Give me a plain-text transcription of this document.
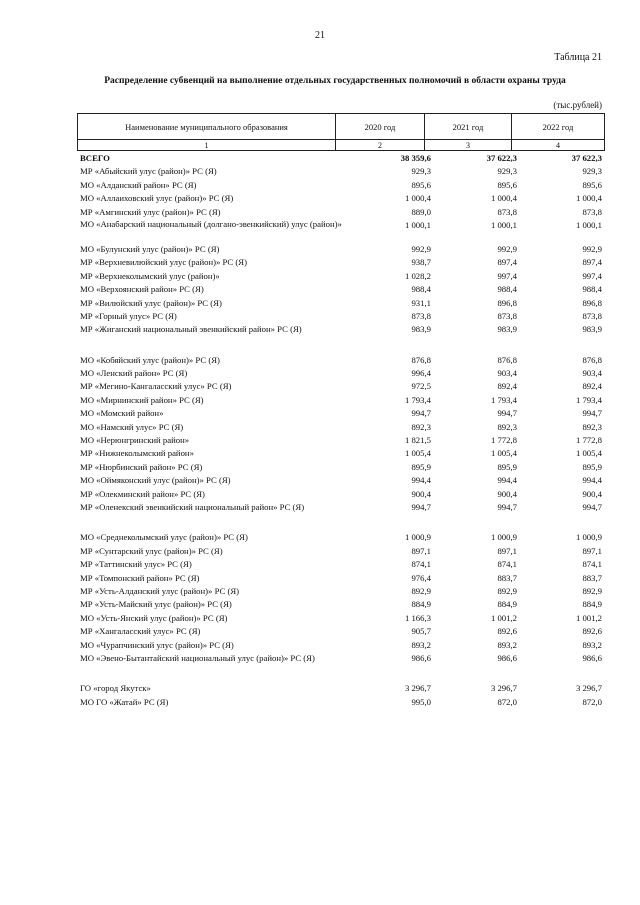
21
Таблица 21
Распределение субвенций на выполнение отдельных государственных полномочий в области охраны труда
(тыс.рублей)
Наименование муниципального образования	2020 год	2021 год	2022 год
1	2	3	4
ВСЕГО	38 359,6	37 622,3	37 622,3
МР «Абыйский улус (район)» РС (Я)	929,3	929,3	929,3
МО «Алданский район» РС (Я)	895,6	895,6	895,6
МО «Аллаиховский улус (район)» РС (Я)	1 000,4	1 000,4	1 000,4
МР «Амгинский улус (район)» РС (Я)	889,0	873,8	873,8
МО «Анабарский национальный (долгано-эвенкийский) улус (район)»	1 000,1	1 000,1	1 000,1
МО «Булунский улус (район)» РС (Я)	992,9	992,9	992,9
МР «Верхневилюйский улус (район)» РС (Я)	938,7	897,4	897,4
МР «Верхнеколымский улус (район)»	1 028,2	997,4	997,4
МО «Верхоянский район» РС (Я)	988,4	988,4	988,4
МР «Вилюйский улус (район)» РС (Я)	931,1	896,8	896,8
МР «Горный улус» РС (Я)	873,8	873,8	873,8
МР «Жиганский национальный эвенкийский район» РС (Я)	983,9	983,9	983,9
МО «Кобяйский улус (район)» РС (Я)	876,8	876,8	876,8
МО «Ленский район» РС (Я)	996,4	903,4	903,4
МР «Мегино-Кангаласский улус» РС (Я)	972,5	892,4	892,4
МО «Мирнинский район» РС (Я)	1 793,4	1 793,4	1 793,4
МО «Момский район»	994,7	994,7	994,7
МО «Намский улус» РС (Я)	892,3	892,3	892,3
МО «Нерюнгринский район»	1 821,5	1 772,8	1 772,8
МР «Нижнеколымский район»	1 005,4	1 005,4	1 005,4
МР «Нюрбинский район» РС (Я)	895,9	895,9	895,9
МО «Оймяконский улус (район)» РС (Я)	994,4	994,4	994,4
МР «Олекминский район» РС (Я)	900,4	900,4	900,4
МР «Оленекский эвенкийский национальный район» РС (Я)	994,7	994,7	994,7
МО «Среднеколымский улус (район)» РС (Я)	1 000,9	1 000,9	1 000,9
МР «Сунтарский улус (район)» РС (Я)	897,1	897,1	897,1
МР «Таттинский улус» РС (Я)	874,1	874,1	874,1
МР «Томпонский район» РС (Я)	976,4	883,7	883,7
МР «Усть-Алданский улус (район)» РС (Я)	892,9	892,9	892,9
МР «Усть-Майский улус (район)» РС (Я)	884,9	884,9	884,9
МО «Усть-Янский улус (район)» РС (Я)	1 166,3	1 001,2	1 001,2
МР «Хангаласский улус» РС (Я)	905,7	892,6	892,6
МО «Чурапчинский улус (район)» РС (Я)	893,2	893,2	893,2
МО «Эвено-Бытантайский национальный улус (район)» РС (Я)	986,6	986,6	986,6
ГО «город Якутск»	3 296,7	3 296,7	3 296,7
МО ГО «Жатай» РС (Я)	995,0	872,0	872,0
